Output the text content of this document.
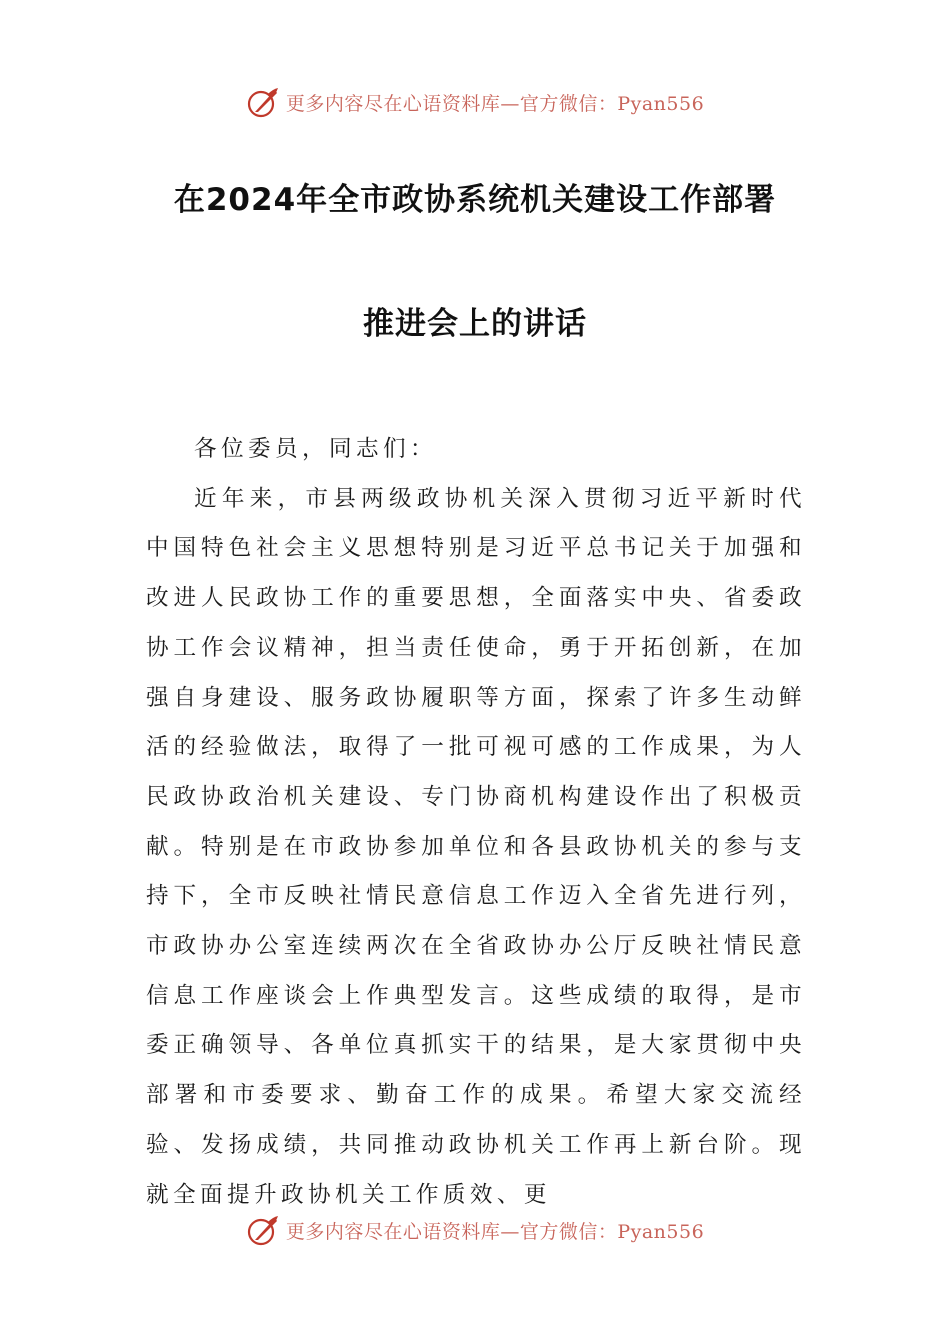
更多内容尽在心语资料库—官方微信：Pyan556
在2024年全市政协系统机关建设工作部署
推进会上的讲话

各位委员，同志们：

近年来，市县两级政协机关深入贯彻习近平新时代中国特色社会主义思想特别是习近平总书记关于加强和改进人民政协工作的重要思想，全面落实中央、省委政协工作会议精神，担当责任使命，勇于开拓创新，在加强自身建设、服务政协履职等方面，探索了许多生动鲜活的经验做法，取得了一批可视可感的工作成果，为人民政协政治机关建设、专门协商机构建设作出了积极贡献。特别是在市政协参加单位和各县政协机关的参与支持下，全市反映社情民意信息工作迈入全省先进行列，市政协办公室连续两次在全省政协办公厅反映社情民意信息工作座谈会上作典型发言。这些成绩的取得，是市委正确领导、各单位真抓实干的结果，是大家贯彻中央部署和市委要求、勤奋工作的成果。希望大家交流经验、发扬成绩，共同推动政协机关工作再上新台阶。现就全面提升政协机关工作质效、更

更多内容尽在心语资料库—官方微信：Pyan556
